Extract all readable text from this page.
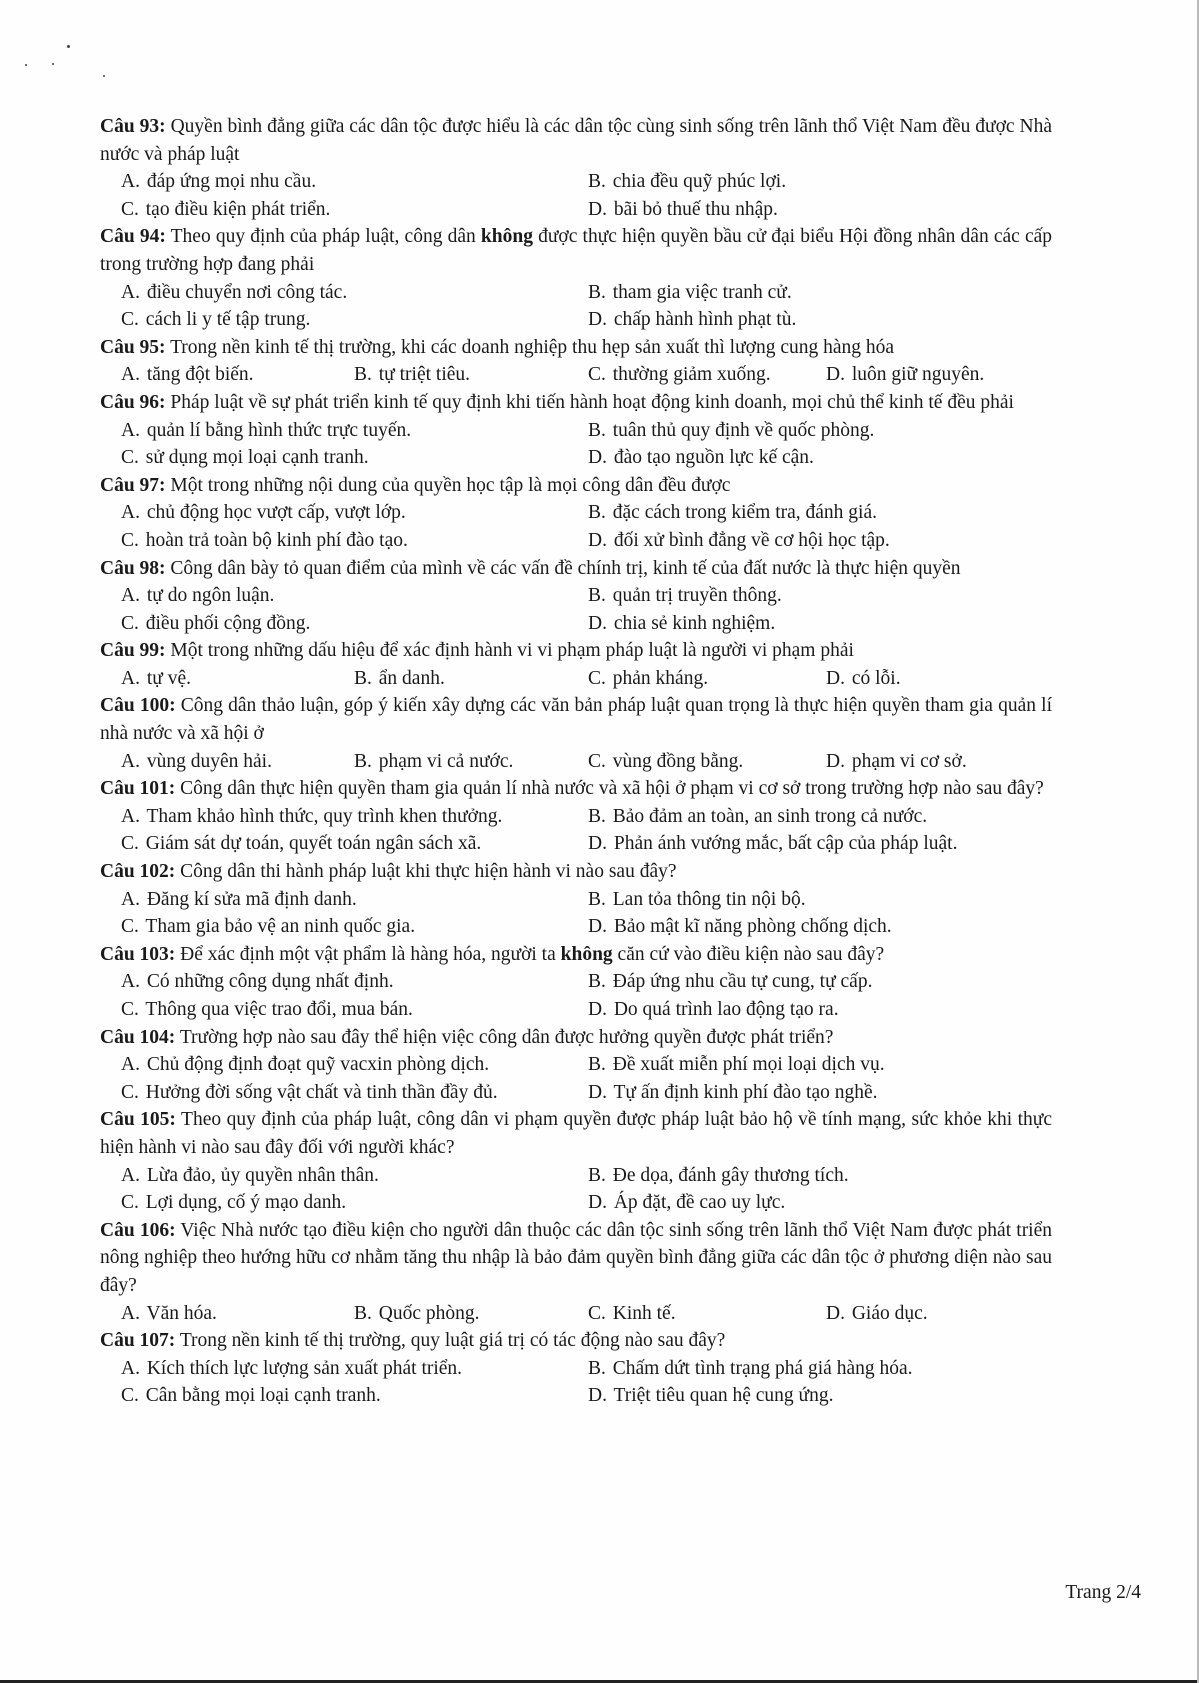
Câu 93: Quyền bình đẳng giữa các dân tộc được hiểu là các dân tộc cùng sinh sống trên lãnh thổ Việt Nam đều được Nhà nước và pháp luật

A. đáp ứng mọi nhu cầu.	B. chia đều quỹ phúc lợi.
C. tạo điều kiện phát triển.	D. bãi bỏ thuế thu nhập.

Câu 94: Theo quy định của pháp luật, công dân không được thực hiện quyền bầu cử đại biểu Hội đồng nhân dân các cấp trong trường hợp đang phải

A. điều chuyển nơi công tác.	B. tham gia việc tranh cử.
C. cách li y tế tập trung.	D. chấp hành hình phạt tù.

Câu 95: Trong nền kinh tế thị trường, khi các doanh nghiệp thu hẹp sản xuất thì lượng cung hàng hóa

A. tăng đột biến.	B. tự triệt tiêu.	C. thường giảm xuống.	D. luôn giữ nguyên.

Câu 96: Pháp luật về sự phát triển kinh tế quy định khi tiến hành hoạt động kinh doanh, mọi chủ thể kinh tế đều phải

A. quản lí bằng hình thức trực tuyến.	B. tuân thủ quy định về quốc phòng.
C. sử dụng mọi loại cạnh tranh.	D. đào tạo nguồn lực kế cận.

Câu 97: Một trong những nội dung của quyền học tập là mọi công dân đều được

A. chủ động học vượt cấp, vượt lớp.	B. đặc cách trong kiểm tra, đánh giá.
C. hoàn trả toàn bộ kinh phí đào tạo.	D. đối xử bình đẳng về cơ hội học tập.

Câu 98: Công dân bày tỏ quan điểm của mình về các vấn đề chính trị, kinh tế của đất nước là thực hiện quyền

A. tự do ngôn luận.	B. quản trị truyền thông.
C. điều phối cộng đồng.	D. chia sẻ kinh nghiệm.

Câu 99: Một trong những dấu hiệu để xác định hành vi vi phạm pháp luật là người vi phạm phải

A. tự vệ.	B. ẩn danh.	C. phản kháng.	D. có lỗi.

Câu 100: Công dân thảo luận, góp ý kiến xây dựng các văn bản pháp luật quan trọng là thực hiện quyền tham gia quản lí nhà nước và xã hội ở

A. vùng duyên hải.	B. phạm vi cả nước.	C. vùng đồng bằng.	D. phạm vi cơ sở.

Câu 101: Công dân thực hiện quyền tham gia quản lí nhà nước và xã hội ở phạm vi cơ sở trong trường hợp nào sau đây?

A. Tham khảo hình thức, quy trình khen thưởng.	B. Bảo đảm an toàn, an sinh trong cả nước.
C. Giám sát dự toán, quyết toán ngân sách xã.	D. Phản ánh vướng mắc, bất cập của pháp luật.

Câu 102: Công dân thi hành pháp luật khi thực hiện hành vi nào sau đây?

A. Đăng kí sửa mã định danh.	B. Lan tỏa thông tin nội bộ.
C. Tham gia bảo vệ an ninh quốc gia.	D. Bảo mật kĩ năng phòng chống dịch.

Câu 103: Để xác định một vật phẩm là hàng hóa, người ta không căn cứ vào điều kiện nào sau đây?

A. Có những công dụng nhất định.	B. Đáp ứng nhu cầu tự cung, tự cấp.
C. Thông qua việc trao đổi, mua bán.	D. Do quá trình lao động tạo ra.

Câu 104: Trường hợp nào sau đây thể hiện việc công dân được hưởng quyền được phát triển?

A. Chủ động định đoạt quỹ vacxin phòng dịch.	B. Đề xuất miễn phí mọi loại dịch vụ.
C. Hưởng đời sống vật chất và tinh thần đầy đủ.	D. Tự ấn định kinh phí đào tạo nghề.

Câu 105: Theo quy định của pháp luật, công dân vi phạm quyền được pháp luật bảo hộ về tính mạng, sức khỏe khi thực hiện hành vi nào sau đây đối với người khác?

A. Lừa đảo, ủy quyền nhân thân.	B. Đe dọa, đánh gây thương tích.
C. Lợi dụng, cố ý mạo danh.	D. Áp đặt, đề cao uy lực.

Câu 106: Việc Nhà nước tạo điều kiện cho người dân thuộc các dân tộc sinh sống trên lãnh thổ Việt Nam được phát triển nông nghiệp theo hướng hữu cơ nhằm tăng thu nhập là bảo đảm quyền bình đẳng giữa các dân tộc ở phương diện nào sau đây?

A. Văn hóa.	B. Quốc phòng.	C. Kinh tế.	D. Giáo dục.

Câu 107: Trong nền kinh tế thị trường, quy luật giá trị có tác động nào sau đây?

A. Kích thích lực lượng sản xuất phát triển.	B. Chấm dứt tình trạng phá giá hàng hóa.
C. Cân bằng mọi loại cạnh tranh.	D. Triệt tiêu quan hệ cung ứng.
Trang 2/4
